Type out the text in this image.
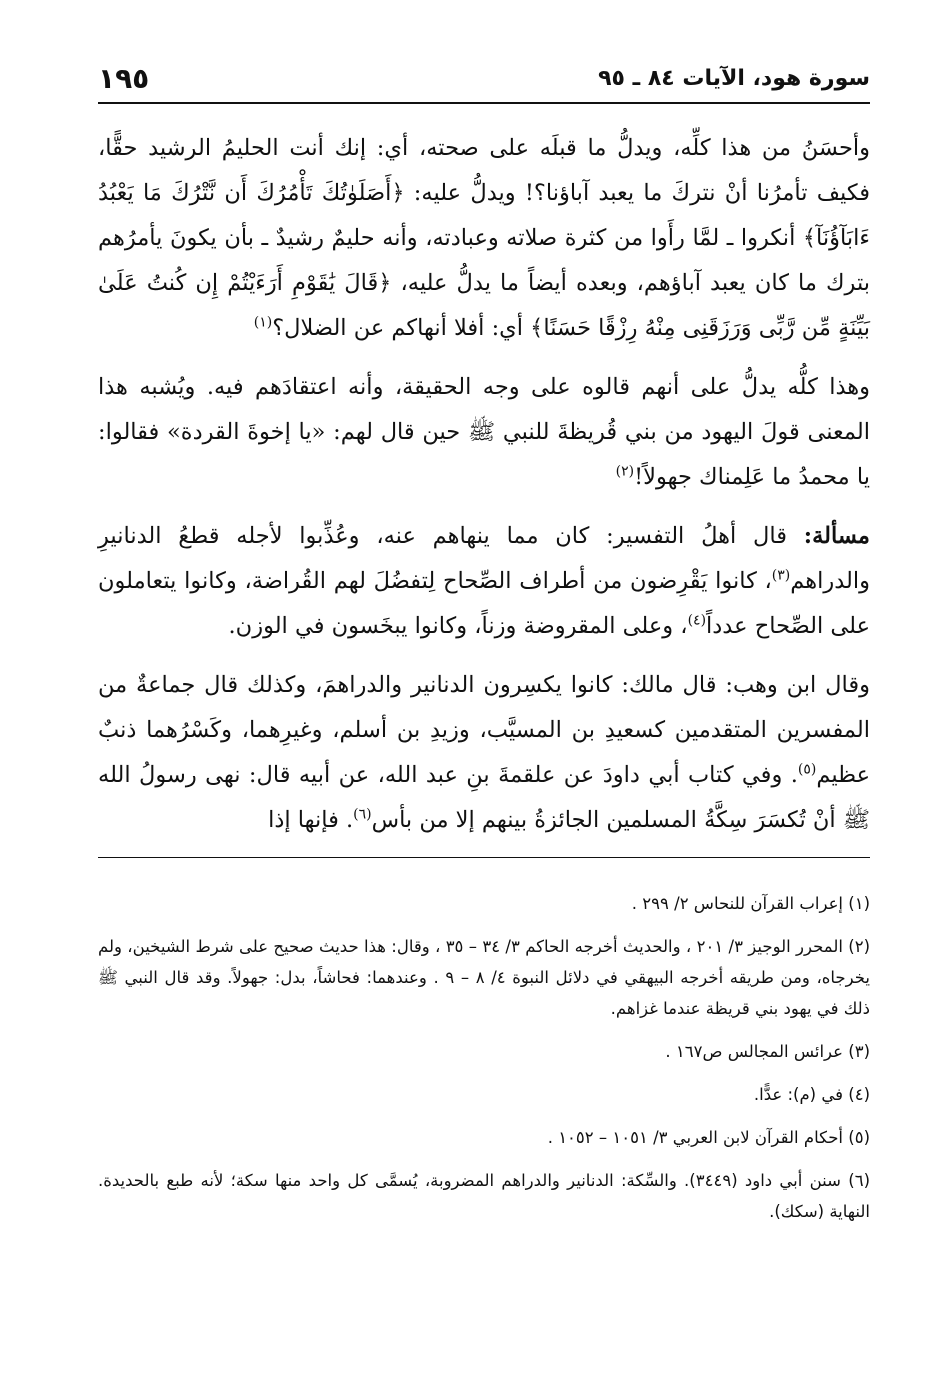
سورة هود، الآيات ٨٤ ـ ٩٥
١٩٥

وأحسَنُ من هذا كلِّه، ويدلُّ ما قبلَه على صحته، أي: إنك أنت الحليمُ الرشيد حقًّا، فكيف تأمرُنا أنْ نتركَ ما يعبد آباؤنا؟! ويدلُّ عليه: ﴿أَصَلَوٰتُكَ تَأْمُرُكَ أَن نَّتْرُكَ مَا يَعْبُدُ ءَابَآؤُنَآ﴾ أنكروا ـ لمَّا رأَوا من كثرة صلاته وعبادته، وأنه حليمٌ رشيدٌ ـ بأن يكونَ يأمرُهم بترك ما كان يعبد آباؤهم، وبعده أيضاً ما يدلُّ عليه، ﴿قَالَ يَٰقَوْمِ أَرَءَيْتُمْ إِن كُنتُ عَلَىٰ بَيِّنَةٍ مِّن رَّبِّى وَرَزَقَنِى مِنْهُ رِزْقًا حَسَنًا﴾ أي: أفلا أنهاكم عن الضلال؟$^{(١)}$

وهذا كلُّه يدلُّ على أنهم قالوه على وجه الحقيقة، وأنه اعتقادَهم فيه. ويُشبه هذا المعنى قولَ اليهود من بني قُريظةَ للنبي ﷺ حين قال لهم: «يا إخوةَ القردة» فقالوا: يا محمدُ ما عَلِمناك جهولاً!$^{(٢)}$

مسألة: قال أهلُ التفسير: كان مما ينهاهم عنه، وعُذِّبوا لأجله قطعُ الدنانيرِ والدراهم$^{(٣)}$، كانوا يَقْرِضون من أطراف الصِّحاح لِتفضُلَ لهم القُراضة، وكانوا يتعاملون على الصِّحاح عدداً$^{(٤)}$، وعلى المقروضة وزناً، وكانوا يبخَسون في الوزن.

وقال ابن وهب: قال مالك: كانوا يكسِرون الدنانير والدراهمَ، وكذلك قال جماعةٌ من المفسرين المتقدمين كسعيدِ بن المسيَّب، وزيدِ بن أسلم، وغيرِهما، وكَسْرُهما ذنبٌ عظيم$^{(٥)}$. وفي كتاب أبي داودَ عن علقمةَ بنِ عبد الله، عن أبيه قال: نهى رسولُ الله ﷺ أنْ تُكسَرَ سِكَّةُ المسلمين الجائزةُ بينهم إلا من بأس$^{(٦)}$. فإنها إذا

(١) إعراب القرآن للنحاس ٢/ ٢٩٩ .
(٢) المحرر الوجيز ٣/ ٢٠١ ، والحديث أخرجه الحاكم ٣/ ٣٤ – ٣٥ ، وقال: هذا حديث صحيح على شرط الشيخين، ولم يخرجاه، ومن طريقه أخرجه البيهقي في دلائل النبوة ٤/ ٨ – ٩ . وعندهما: فحاشاً، بدل: جهولاً. وقد قال النبي ﷺ ذلك في يهود بني قريظة عندما غزاهم.
(٣) عرائس المجالس ص١٦٧ .
(٤) في (م): عدًّا.
(٥) أحكام القرآن لابن العربي ٣/ ١٠٥١ – ١٠٥٢ .
(٦) سنن أبي داود (٣٤٤٩). والسِّكة: الدنانير والدراهم المضروبة، يُسمَّى كل واحد منها سكة؛ لأنه طبع بالحديدة. النهاية (سكك).
